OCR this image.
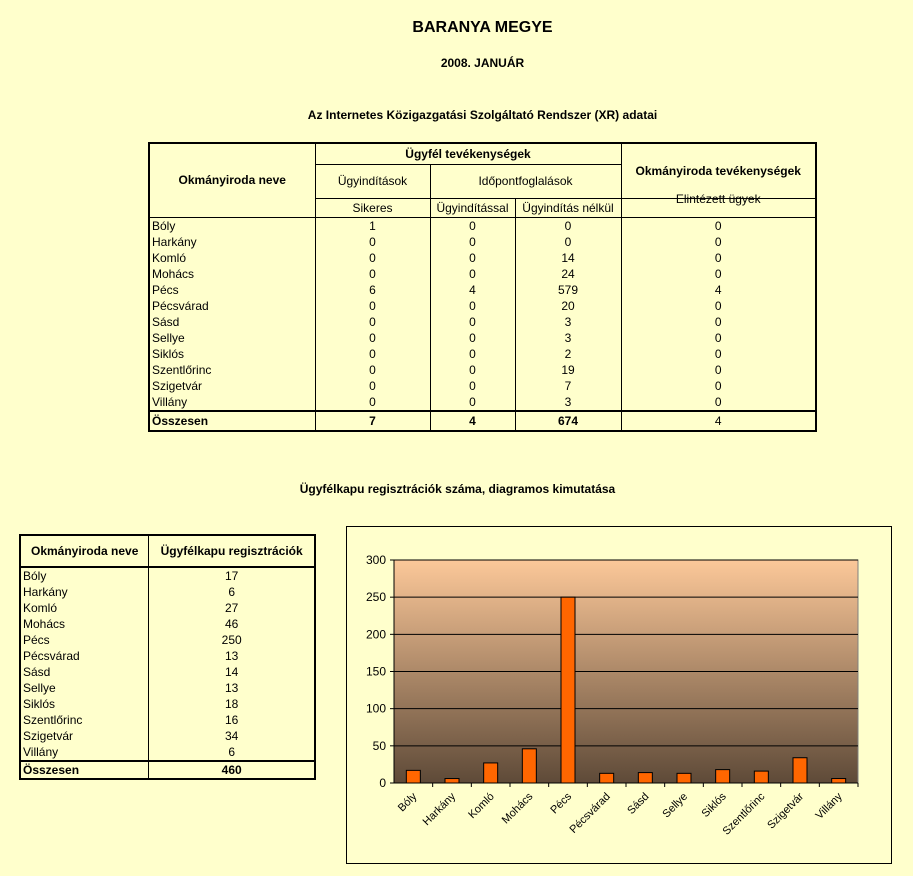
BARANYA MEGYE
2008. JANUÁR
Az Internetes Közigazgatási Szolgáltató Rendszer (XR) adatai
Okmányiroda neve	Ügyfél tevékenységek			Okmányiroda tevékenységek
	Ügyindítások	Időpontfoglalások		
	Sikeres	Ügyindítással	Ügyindítás nélkül	Elintézett ügyek
Bóly	1	0	0	0
Harkány	0	0	0	0
Komló	0	0	14	0
Mohács	0	0	24	0
Pécs	6	4	579	4
Pécsvárad	0	0	20	0
Sásd	0	0	3	0
Sellye	0	0	3	0
Siklós	0	0	2	0
Szentlőrinc	0	0	19	0
Szigetvár	0	0	7	0
Villány	0	0	3	0
Összesen	7	4	674	4
Ügyfélkapu regisztrációk száma, diagramos kimutatása
Okmányiroda neve	Ügyfélkapu regisztrációk
Bóly	17
Harkány	6
Komló	27
Mohács	46
Pécs	250
Pécsvárad	13
Sásd	14
Sellye	13
Siklós	18
Szentlőrinc	16
Szigetvár	34
Villány	6
Összesen	460
0
50
100
150
200
250
300
Bóly Harkány Komló Mohács Pécs
Pécsvárad Sásd Sellye Siklós
Szentlőrinc
Szigetvár Villány
